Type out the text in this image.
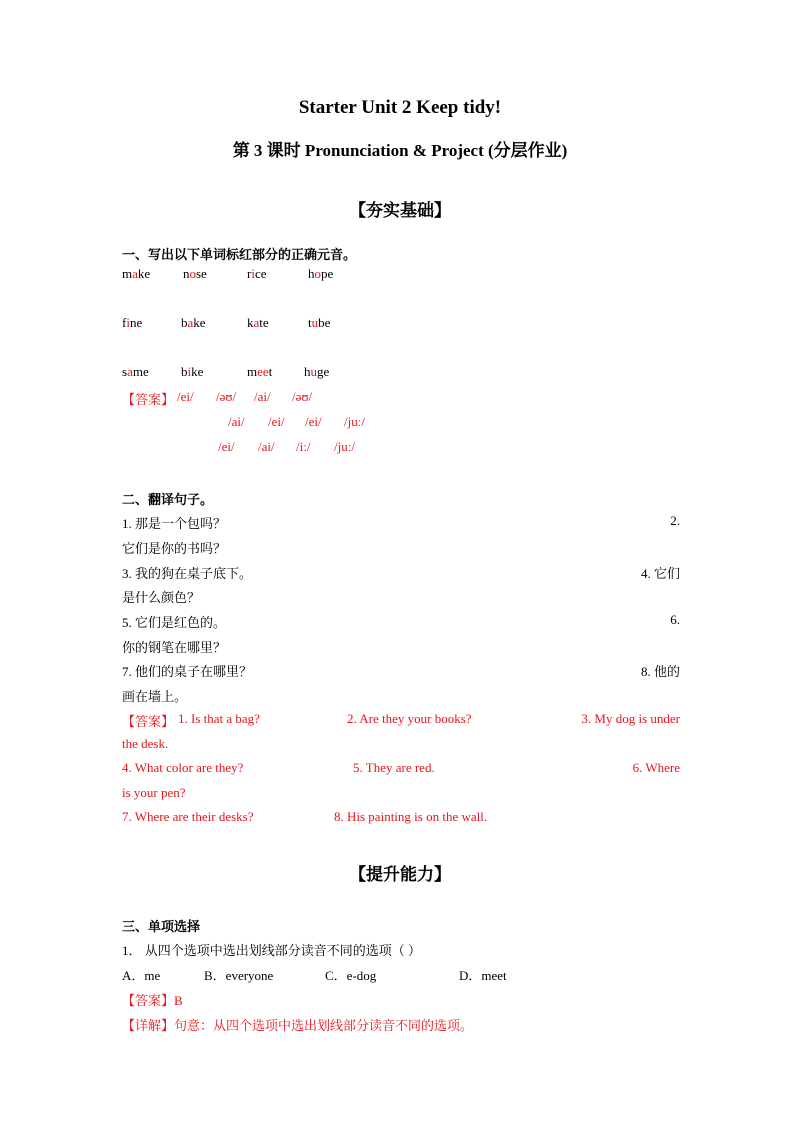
Starter Unit 2 Keep tidy!
第 3 课时 Pronunciation & Project (分层作业)
【夯实基础】
一、写出以下单词标红部分的正确元音。
make	nose	rice	hope
fine	bake	kate	tube
same bike	meet huge
【答案】 /ei/ /əʊ/ /ai/ /əʊ/
/ai/ /ei/ /ei/ /juː/
/ei/ /ai/ /iː/ /juː/
二、翻译句子。
1. 那是一个包吗？	2.
它们是你的书吗？
3. 我的狗在桌子底下。	4. 它们
是什么颜色？
5. 它们是红色的。	6.
你的钢笔在哪里？
7. 他们的桌子在哪里？	8. 他的
画在墙上。
【答案】 1. Is that a bag?	2. Are they your books?	3. My dog is under
the desk.
4. What color are they?	5. They are red.	6. Where
is your pen?
7. Where are their desks?	8. His painting is on the wall.
【提升能力】
三、单项选择
1． 从四个选项中选出划线部分读音不同的选项（ ）
A．me	B．everyone	C．e-dog	D．meet
【答案】B
【详解】句意：从四个选项中选出划线部分读音不同的选项。
